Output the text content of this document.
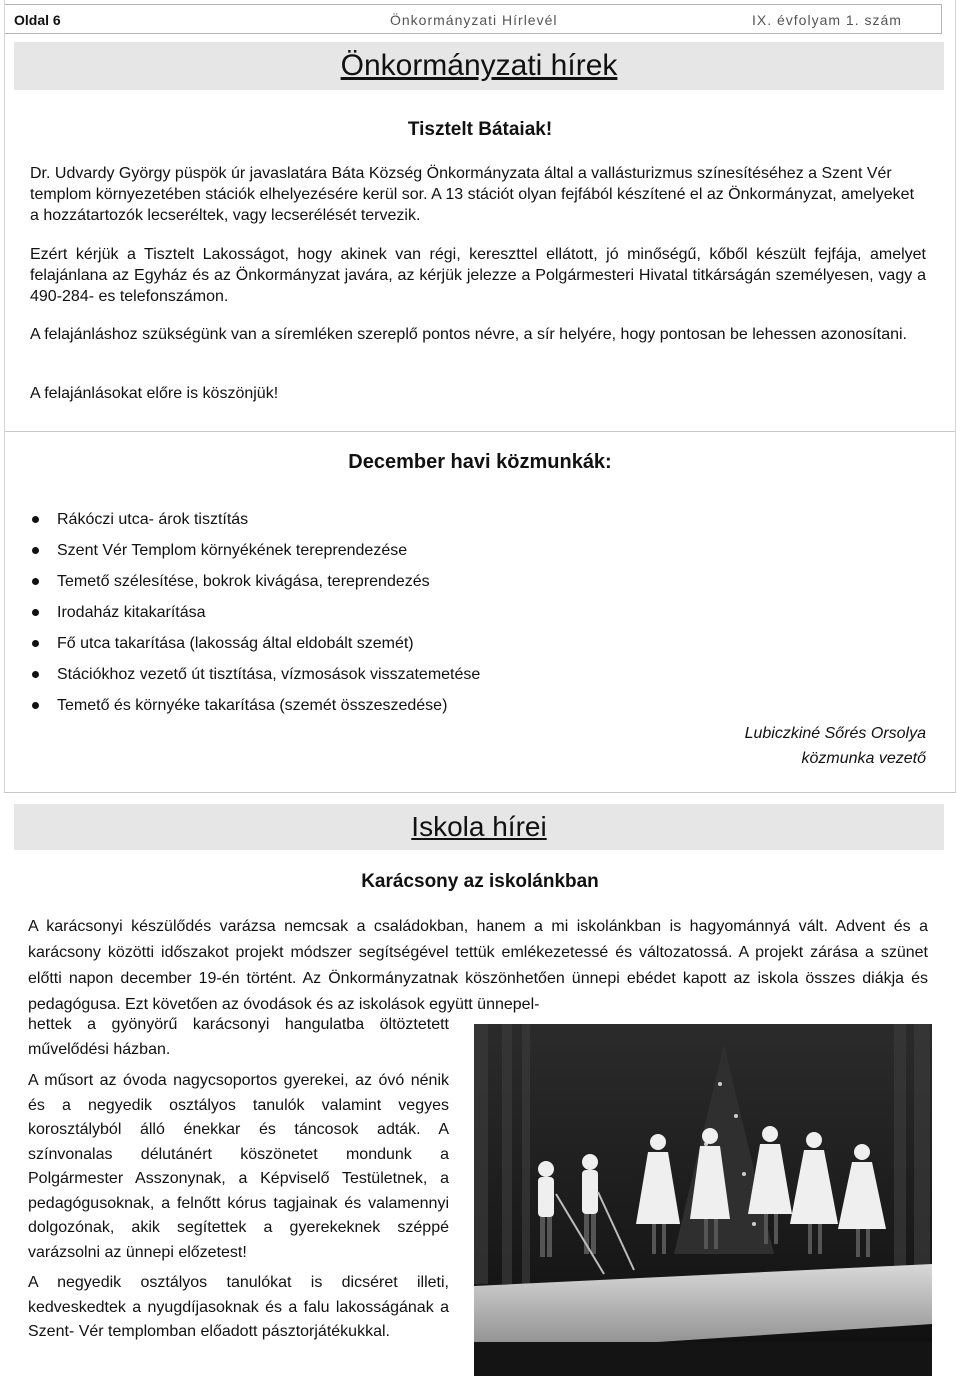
Oldal 6	Önkormányzati Hírlevél	IX. évfolyam 1. szám
Önkormányzati hírek
Tisztelt Bátaiak!

Dr. Udvardy György püspök úr javaslatára Báta Község Önkormányzata által a vallásturizmus színesítéséhez a Szent Vér templom környezetében stációk elhelyezésére kerül sor. A 13 stációt olyan fejfából készítené el az Önkormányzat, amelyeket a hozzátartozók lecseréltek, vagy lecserélését tervezik.

Ezért kérjük a Tisztelt Lakosságot, hogy akinek van régi, kereszttel ellátott, jó minőségű, kőből készült fejfája, amelyet felajánlana az Egyház és az Önkormányzat javára, az kérjük jelezze a Polgármesteri Hivatal titkárságán személyesen, vagy a 490-284- es telefonszámon.

A felajánláshoz szükségünk van a síremléken szereplő pontos névre, a sír helyére, hogy pontosan be lehessen azonosítani.

A felajánlásokat előre is köszönjük!

December havi közmunkák:
Rákóczi utca- árok tisztítás
Szent Vér Templom környékének tereprendezése
Temető szélesítése, bokrok kivágása, tereprendezés
Irodaház kitakarítása
Fő utca takarítása (lakosság által eldobált szemét)
Stációkhoz vezető út tisztítása, vízmosások visszatemetése
Temető és környéke takarítása (szemét összeszedése)
Lubiczkiné Sőrés Orsolya
közmunka vezető
Iskola hírei
Karácsony az iskolánkban

A karácsonyi készülődés varázsa nemcsak a családokban, hanem a mi iskolánkban is hagyománnyá vált. Advent és a karácsony közötti időszakot projekt módszer segítségével tettük emlékezetessé és változatossá. A projekt zárása a szünet előtti napon december 19-én történt. Az Önkormányzatnak köszönhetően ünnepi ebédet kapott az iskola összes diákja és pedagógusa. Ezt követően az óvodások és az iskolások együtt ünnepel-

hettek a gyönyörű karácsonyi hangulatba öltöztetett művelődési házban.

A műsort az óvoda nagycsoportos gyerekei, az óvó nénik és a negyedik osztályos tanulók valamint vegyes korosztályból álló énekkar és táncosok adták. A színvonalas délutánért köszönetet mondunk a Polgármester Asszonynak, a Képviselő Testületnek, a pedagógusoknak, a felnőtt kórus tagjainak és valamennyi dolgozónak, akik segítettek a gyerekeknek széppé varázsolni az ünnepi előzetest!

A negyedik osztályos tanulókat is dicséret illeti, kedveskedtek a nyugdíjasoknak és a falu lakosságának a Szent- Vér templomban előadott pásztorjátékukkal.
